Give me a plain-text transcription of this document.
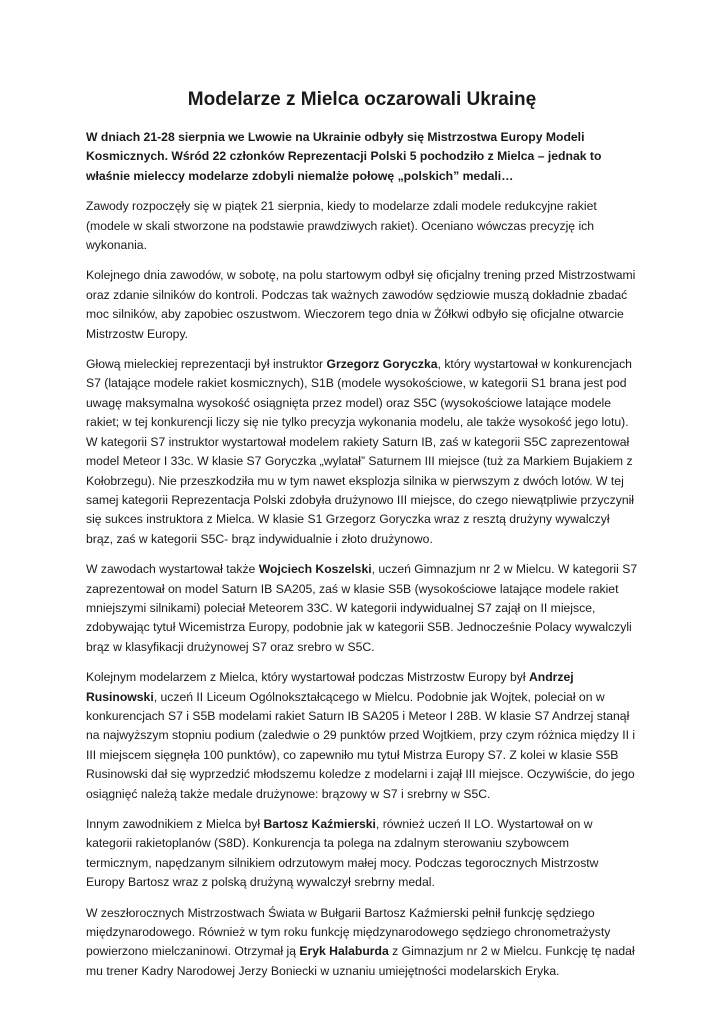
Modelarze z Mielca oczarowali Ukrainę

W dniach 21-28 sierpnia we Lwowie na Ukrainie odbyły się Mistrzostwa Europy Modeli Kosmicznych. Wśród 22 członków Reprezentacji Polski 5 pochodziło z Mielca – jednak to właśnie mieleccy modelarze zdobyli niemalże połowę „polskich” medali…

Zawody rozpoczęły się w piątek 21 sierpnia, kiedy to modelarze zdali modele redukcyjne rakiet (modele w skali stworzone na podstawie prawdziwych rakiet). Oceniano wówczas precyzję ich wykonania.

Kolejnego dnia zawodów, w sobotę, na polu startowym odbył się oficjalny trening przed Mistrzostwami oraz zdanie silników do kontroli. Podczas tak ważnych zawodów sędziowie muszą dokładnie zbadać moc silników, aby zapobiec oszustwom. Wieczorem tego dnia w Żółkwi odbyło się oficjalne otwarcie Mistrzostw Europy.

Głową mieleckiej reprezentacji był instruktor Grzegorz Goryczka, który wystartował w konkurencjach S7 (latające modele rakiet kosmicznych), S1B (modele wysokościowe, w kategorii S1 brana jest pod uwagę maksymalna wysokość osiągnięta przez model) oraz S5C (wysokościowe latające modele rakiet; w tej konkurencji liczy się nie tylko precyzja wykonania modelu, ale także wysokość jego lotu). W kategorii S7 instruktor wystartował modelem rakiety Saturn IB, zaś w kategorii S5C zaprezentował model Meteor I 33c. W klasie S7 Goryczka „wylatał” Saturnem III miejsce (tuż za Markiem Bujakiem z Kołobrzegu). Nie przeszkodziła mu w tym nawet eksplozja silnika w pierwszym z dwóch lotów. W tej samej kategorii Reprezentacja Polski zdobyła drużynowo III miejsce, do czego niewątpliwie przyczynił się sukces instruktora z Mielca. W klasie S1 Grzegorz Goryczka wraz z resztą drużyny wywalczył brąz, zaś w kategorii S5C- brąz indywidualnie i złoto drużynowo.

W zawodach wystartował także Wojciech Koszelski, uczeń Gimnazjum nr 2 w Mielcu. W kategorii S7 zaprezentował on model Saturn IB SA205, zaś w klasie S5B (wysokościowe latające modele rakiet mniejszymi silnikami) poleciał Meteorem 33C. W kategorii indywidualnej S7 zajął on II miejsce, zdobywając tytuł Wicemistrza Europy, podobnie jak w kategorii S5B. Jednocześnie Polacy wywalczyli brąz w klasyfikacji drużynowej S7 oraz srebro w S5C.

Kolejnym modelarzem z Mielca, który wystartował podczas Mistrzostw Europy był Andrzej Rusinowski, uczeń II Liceum Ogólnokształcącego w Mielcu. Podobnie jak Wojtek, poleciał on w konkurencjach S7 i S5B modelami rakiet Saturn IB SA205 i Meteor I 28B. W klasie S7 Andrzej stanął na najwyższym stopniu podium (zaledwie o 29 punktów przed Wojtkiem, przy czym różnica między II i III miejscem sięgnęła 100 punktów), co zapewniło mu tytuł Mistrza Europy S7. Z kolei w klasie S5B Rusinowski dał się wyprzedzić młodszemu koledze z modelarni i zajął III miejsce. Oczywiście, do jego osiągnięć należą także medale drużynowe: brązowy w S7 i srebrny w S5C.

Innym zawodnikiem z Mielca był Bartosz Kaźmierski, również uczeń II LO. Wystartował on w kategorii rakietoplanów (S8D). Konkurencja ta polega na zdalnym sterowaniu szybowcem termicznym, napędzanym silnikiem odrzutowym małej mocy. Podczas tegorocznych Mistrzostw Europy Bartosz wraz z polską drużyną wywalczył srebrny medal.

W zeszłorocznych Mistrzostwach Świata w Bułgarii Bartosz Kaźmierski pełnił funkcję sędziego międzynarodowego. Również w tym roku funkcję międzynarodowego sędziego chronometrażysty powierzono mielczaninowi. Otrzymał ją Eryk Halaburda z Gimnazjum nr 2 w Mielcu. Funkcję tę nadał mu trener Kadry Narodowej Jerzy Boniecki w uznaniu umiejętności modelarskich Eryka.
